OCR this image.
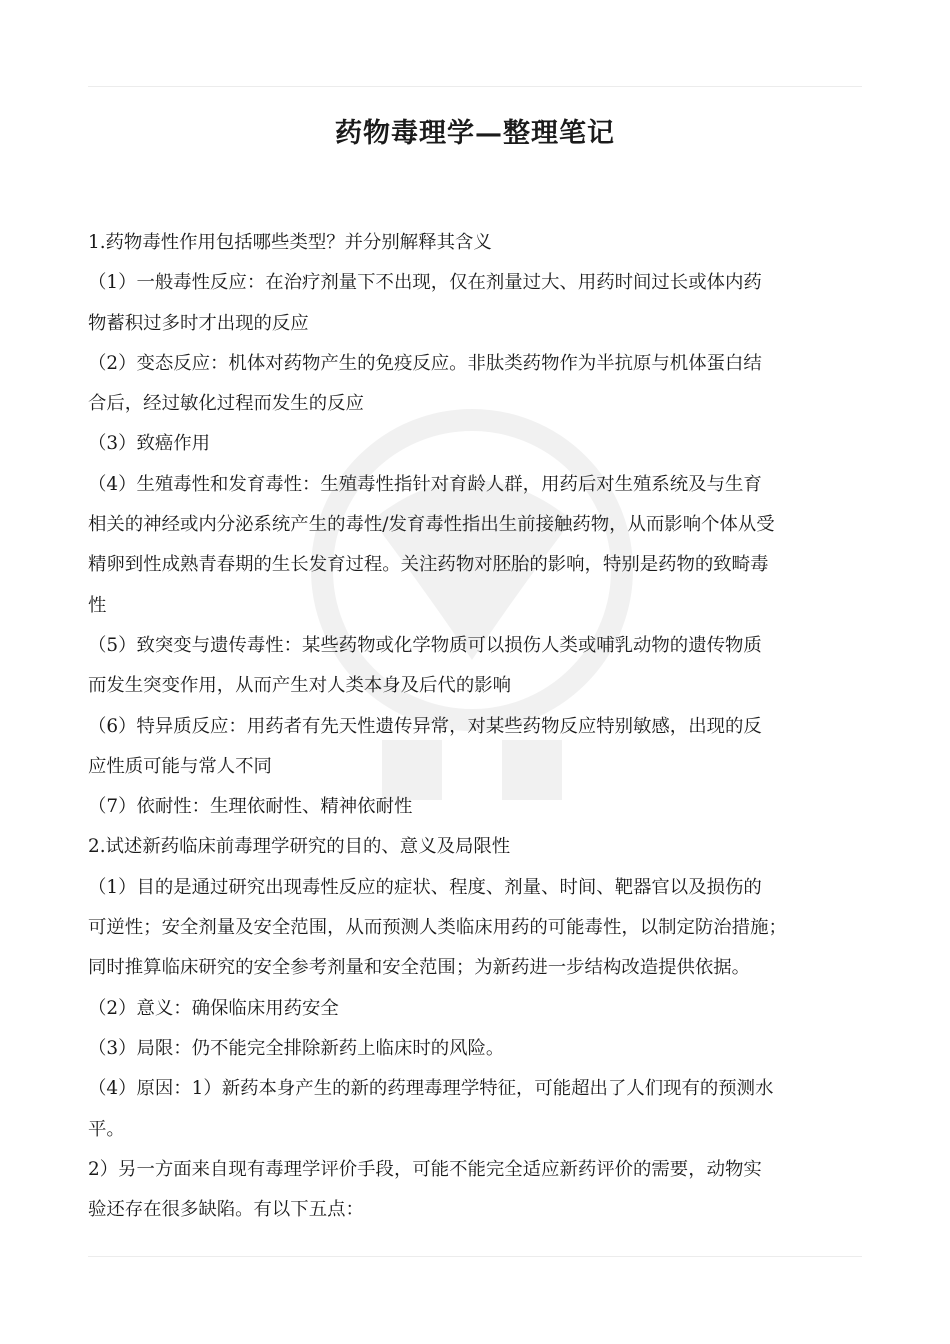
药物毒理学—整理笔记
1.药物毒性作用包括哪些类型？并分别解释其含义
（1）一般毒性反应：在治疗剂量下不出现，仅在剂量过大、用药时间过长或体内药
物蓄积过多时才出现的反应
（2）变态反应：机体对药物产生的免疫反应。非肽类药物作为半抗原与机体蛋白结
合后，经过敏化过程而发生的反应
（3）致癌作用
（4）生殖毒性和发育毒性：生殖毒性指针对育龄人群，用药后对生殖系统及与生育
相关的神经或内分泌系统产生的毒性/发育毒性指出生前接触药物，从而影响个体从受
精卵到性成熟青春期的生长发育过程。关注药物对胚胎的影响，特别是药物的致畸毒
性
（5）致突变与遗传毒性：某些药物或化学物质可以损伤人类或哺乳动物的遗传物质
而发生突变作用，从而产生对人类本身及后代的影响
（6）特异质反应：用药者有先天性遗传异常，对某些药物反应特别敏感，出现的反
应性质可能与常人不同
（7）依耐性：生理依耐性、精神依耐性
2.试述新药临床前毒理学研究的目的、意义及局限性
（1）目的是通过研究出现毒性反应的症状、程度、剂量、时间、靶器官以及损伤的
可逆性；安全剂量及安全范围，从而预测人类临床用药的可能毒性，以制定防治措施；
同时推算临床研究的安全参考剂量和安全范围；为新药进一步结构改造提供依据。
（2）意义：确保临床用药安全
（3）局限：仍不能完全排除新药上临床时的风险。
（4）原因：1）新药本身产生的新的药理毒理学特征，可能超出了人们现有的预测水
平。
2）另一方面来自现有毒理学评价手段，可能不能完全适应新药评价的需要，动物实
验还存在很多缺陷。有以下五点：
